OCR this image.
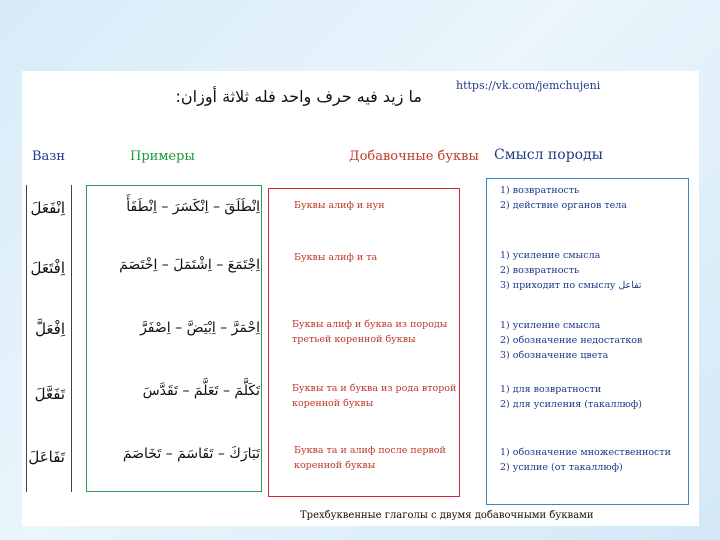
ما زيد فيه حرف واحد فله ثلاثة أوزان:
https://vk.com/jemchujeni
Вазн	Примеры	Добавочные буквы Смысл породы
اِنْفَعَلَ	اِنْطَلَقَ – اِنْكَسَرَ – اِنْطَفَأَ	Буквы алиф и нун
1) возвратность
2) действие органов тела
اِفْتَعَلَ	اِجْتَمَعَ – اِشْتَمَلَ – اِخْتَصَمَ	Буквы алиф и та	1) усиление смысла
2) возвратность
3) приходит по смыслу تفاعل
اِفْعَلَّ	اِحْمَرَّ – اِبْيَضَّ – اِصْفَرَّ	Буквы алиф и буква из породы третьей коренной буквы
1) усиление смысла
2) обозначение недостатков
3) обозначение цвета
تَفَعَّلَ	تَكَلَّمَ – تَعَلَّمَ – تَقَدَّسَ	Буквы та и буква из рода второй коренной буквы
1) для возвратности
2) для усиления (такаллюф)
تَفَاعَلَ	تَبَارَكَ – تَقَاسَمَ – تَخَاصَمَ	Буква та и алиф после первой коренной буквы
1) обозначение множественности
2) усилие (от такаллюф)
Трехбуквенные глаголы с двумя добавочными буквами
